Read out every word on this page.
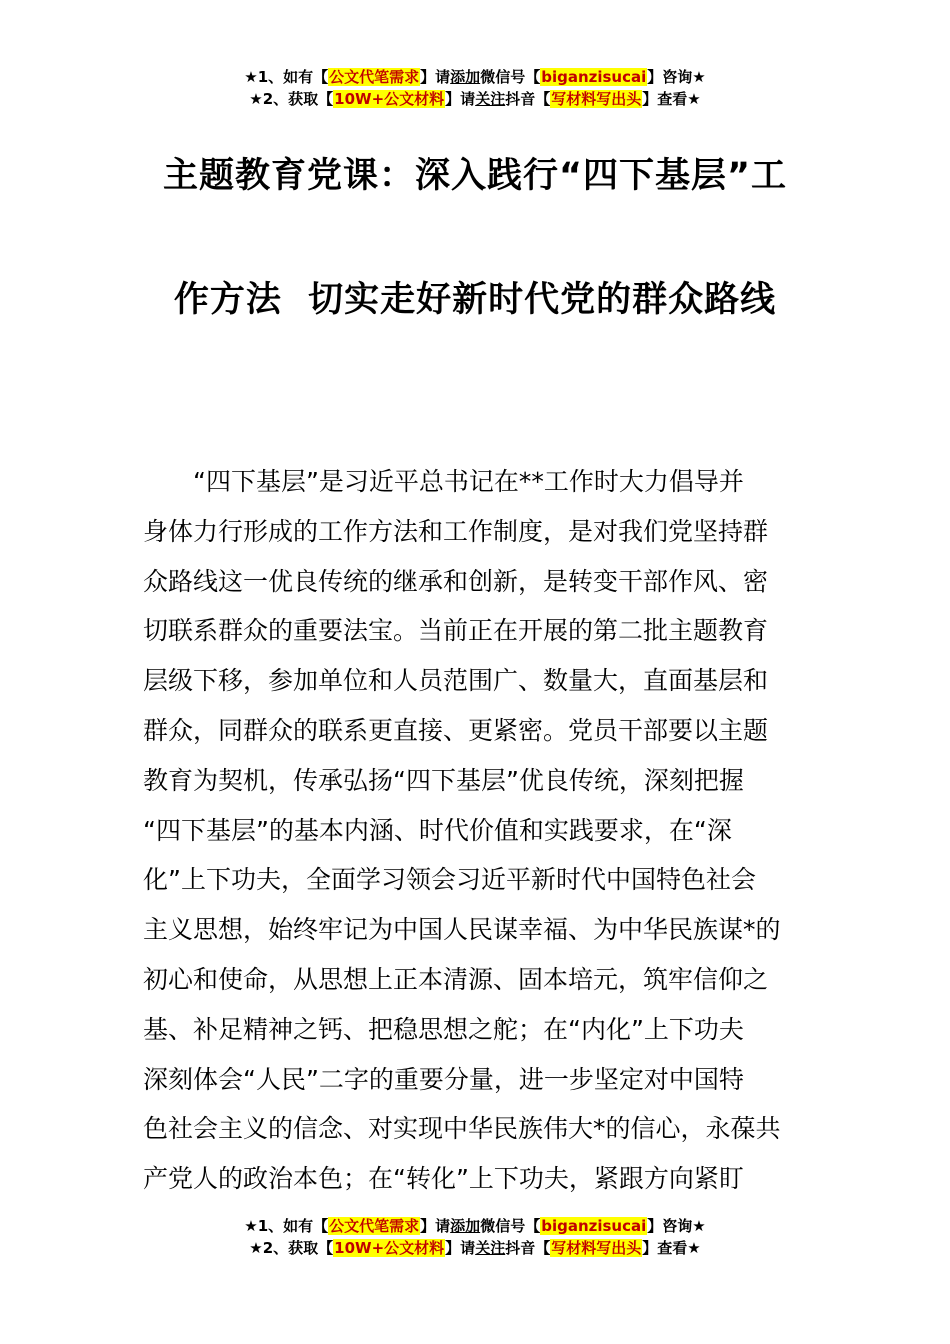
★1、如有【公文代笔需求】请添加微信号【biganzisucai】咨询★
★2、获取【10W+公文材料】请关注抖音【写材料写出头】查看★
主题教育党课：深入践行“四下基层”工
作方法  切实走好新时代党的群众路线
　　“四下基层”是习近平总书记在**工作时大力倡导并
身体力行形成的工作方法和工作制度，是对我们党坚持群
众路线这一优良传统的继承和创新，是转变干部作风、密
切联系群众的重要法宝。当前正在开展的第二批主题教育
层级下移，参加单位和人员范围广、数量大，直面基层和
群众，同群众的联系更直接、更紧密。党员干部要以主题
教育为契机，传承弘扬“四下基层”优良传统，深刻把握
“四下基层”的基本内涵、时代价值和实践要求，在“深
化”上下功夫，全面学习领会习近平新时代中国特色社会
主义思想，始终牢记为中国人民谋幸福、为中华民族谋*的
初心和使命，从思想上正本清源、固本培元，筑牢信仰之
基、补足精神之钙、把稳思想之舵；在“内化”上下功夫
深刻体会“人民”二字的重要分量，进一步坚定对中国特
色社会主义的信念、对实现中华民族伟大*的信心，永葆共
产党人的政治本色；在“转化”上下功夫，紧跟方向紧盯
★1、如有【公文代笔需求】请添加微信号【biganzisucai】咨询★
★2、获取【10W+公文材料】请关注抖音【写材料写出头】查看★
